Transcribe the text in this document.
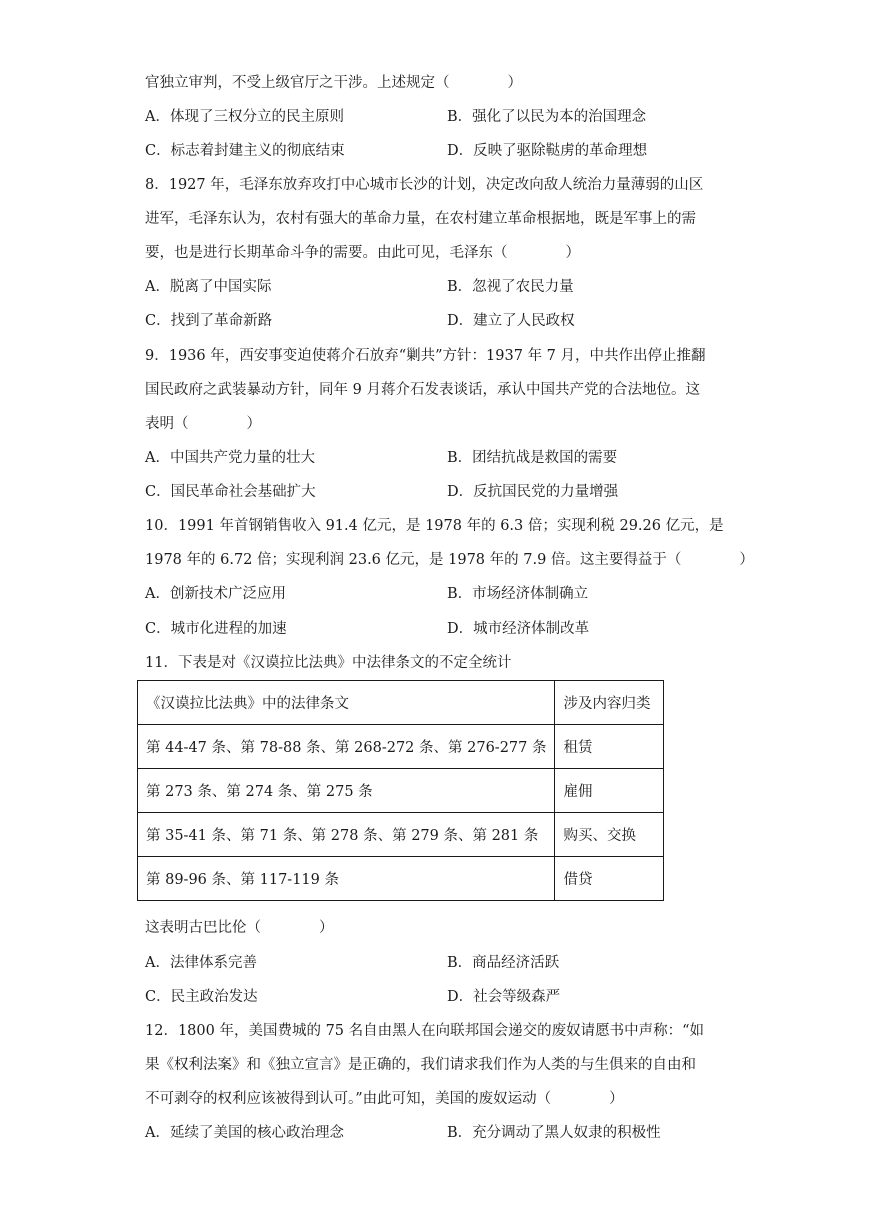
官独立审判，不受上级官厅之干涉。上述规定（　　　　）
A．体现了三权分立的民主原则	B．强化了以民为本的治国理念
C．标志着封建主义的彻底结束	D．反映了驱除鞑虏的革命理想
8．1927 年，毛泽东放弃攻打中心城市长沙的计划，决定改向敌人统治力量薄弱的山区
进军，毛泽东认为，农村有强大的革命力量，在农村建立革命根据地，既是军事上的需
要，也是进行长期革命斗争的需要。由此可见，毛泽东（　　　　）
A．脱离了中国实际	B．忽视了农民力量
C．找到了革命新路	D．建立了人民政权
9．1936 年，西安事变迫使蒋介石放弃“剿共”方针：1937 年 7 月，中共作出停止推翻
国民政府之武装暴动方针，同年 9 月蒋介石发表谈话，承认中国共产党的合法地位。这
表明（　　　　）
A．中国共产党力量的壮大	B．团结抗战是救国的需要
C．国民革命社会基础扩大	D．反抗国民党的力量增强
10．1991 年首钢销售收入 91.4 亿元，是 1978 年的 6.3 倍；实现利税 29.26 亿元，是
1978 年的 6.72 倍；实现利润 23.6 亿元，是 1978 年的 7.9 倍。这主要得益于（　　　　）
A．创新技术广泛应用	B．市场经济体制确立
C．城市化进程的加速	D．城市经济体制改革
11．下表是对《汉谟拉比法典》中法律条文的不定全统计
《汉谟拉比法典》中的法律条文	涉及内容归类
第 44-47 条、第 78-88 条、第 268-272 条、第 276-277 条	租赁
第 273 条、第 274 条、第 275 条	雇佣
第 35-41 条、第 71 条、第 278 条、第 279 条、第 281 条	购买、交换
第 89-96 条、第 117-119 条	借贷
这表明古巴比伦（　　　　）
A．法律体系完善	B．商品经济活跃
C．民主政治发达	D．社会等级森严
12．1800 年，美国费城的 75 名自由黑人在向联邦国会递交的废奴请愿书中声称：“如
果《权利法案》和《独立宣言》是正确的，我们请求我们作为人类的与生俱来的自由和
不可剥夺的权利应该被得到认可。”由此可知，美国的废奴运动（　　　　）
A．延续了美国的核心政治理念	B．充分调动了黑人奴隶的积极性
